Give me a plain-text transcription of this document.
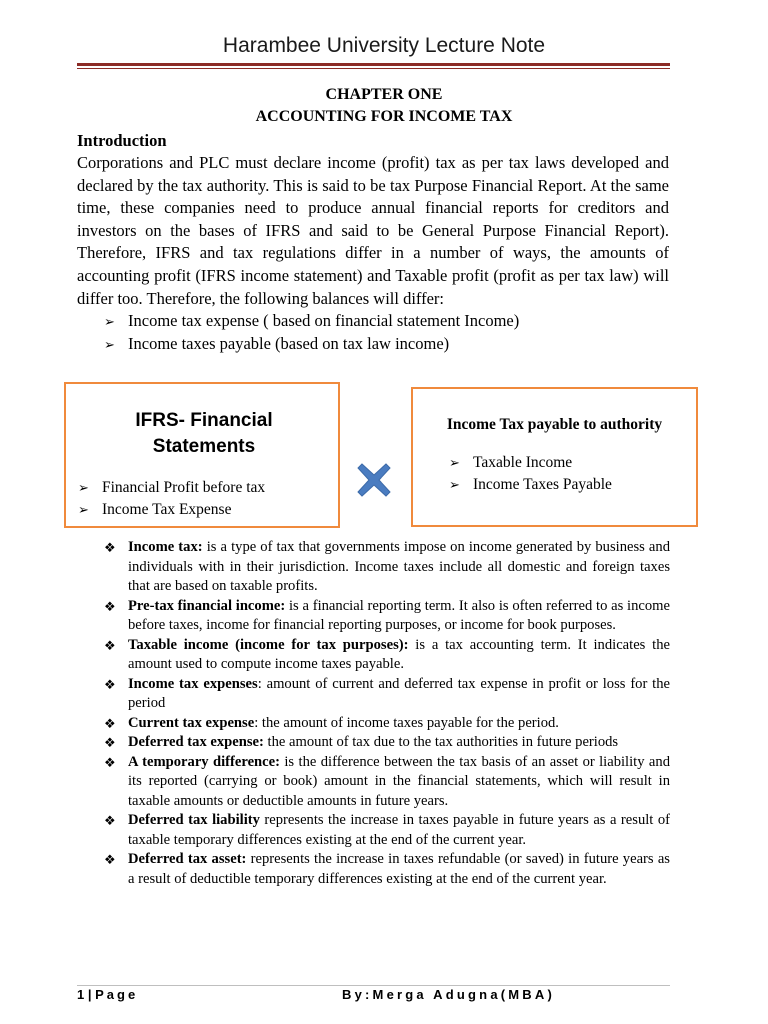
Harambee University Lecture Note
CHAPTER ONE
ACCOUNTING FOR INCOME TAX
Introduction

Corporations and PLC must declare income (profit) tax as per tax laws developed and declared by the tax authority. This is said to be tax Purpose Financial Report. At the same time, these companies need to produce annual financial reports for creditors and investors on the bases of IFRS and said to be General Purpose Financial Report). Therefore, IFRS and tax regulations differ in a number of ways, the amounts of accounting profit (IFRS income statement) and Taxable profit (profit as per tax law) will differ too. Therefore, the following balances will differ:

➢ Income tax expense ( based on financial statement Income)
➢ Income taxes payable (based on tax law income)
IFRS- Financial Statements
➢ Financial Profit before tax
➢ Income Tax Expense
Income Tax payable to authority
➢ Taxable Income
➢ Income Taxes Payable
❖ Income tax: is a type of tax that governments impose on income generated by business and individuals with in their jurisdiction. Income taxes include all domestic and foreign taxes that are based on taxable profits.
❖ Pre-tax financial income: is a financial reporting term. It also is often referred to as income before taxes, income for financial reporting purposes, or income for book purposes.
❖ Taxable income (income for tax purposes): is a tax accounting term. It indicates the amount used to compute income taxes payable.
❖ Income tax expenses: amount of current and deferred tax expense in profit or loss for the period
❖ Current tax expense: the amount of income taxes payable for the period.
❖ Deferred tax expense: the amount of tax due to the tax authorities in future periods
❖ A temporary difference: is the difference between the tax basis of an asset or liability and its reported (carrying or book) amount in the financial statements, which will result in taxable amounts or deductible amounts in future years.
❖ Deferred tax liability represents the increase in taxes payable in future years as a result of taxable temporary differences existing at the end of the current year.
❖ Deferred tax asset: represents the increase in taxes refundable (or saved) in future years as a result of deductible temporary differences existing at the end of the current year.
1 | Page	By:Merga Adugna(MBA)
